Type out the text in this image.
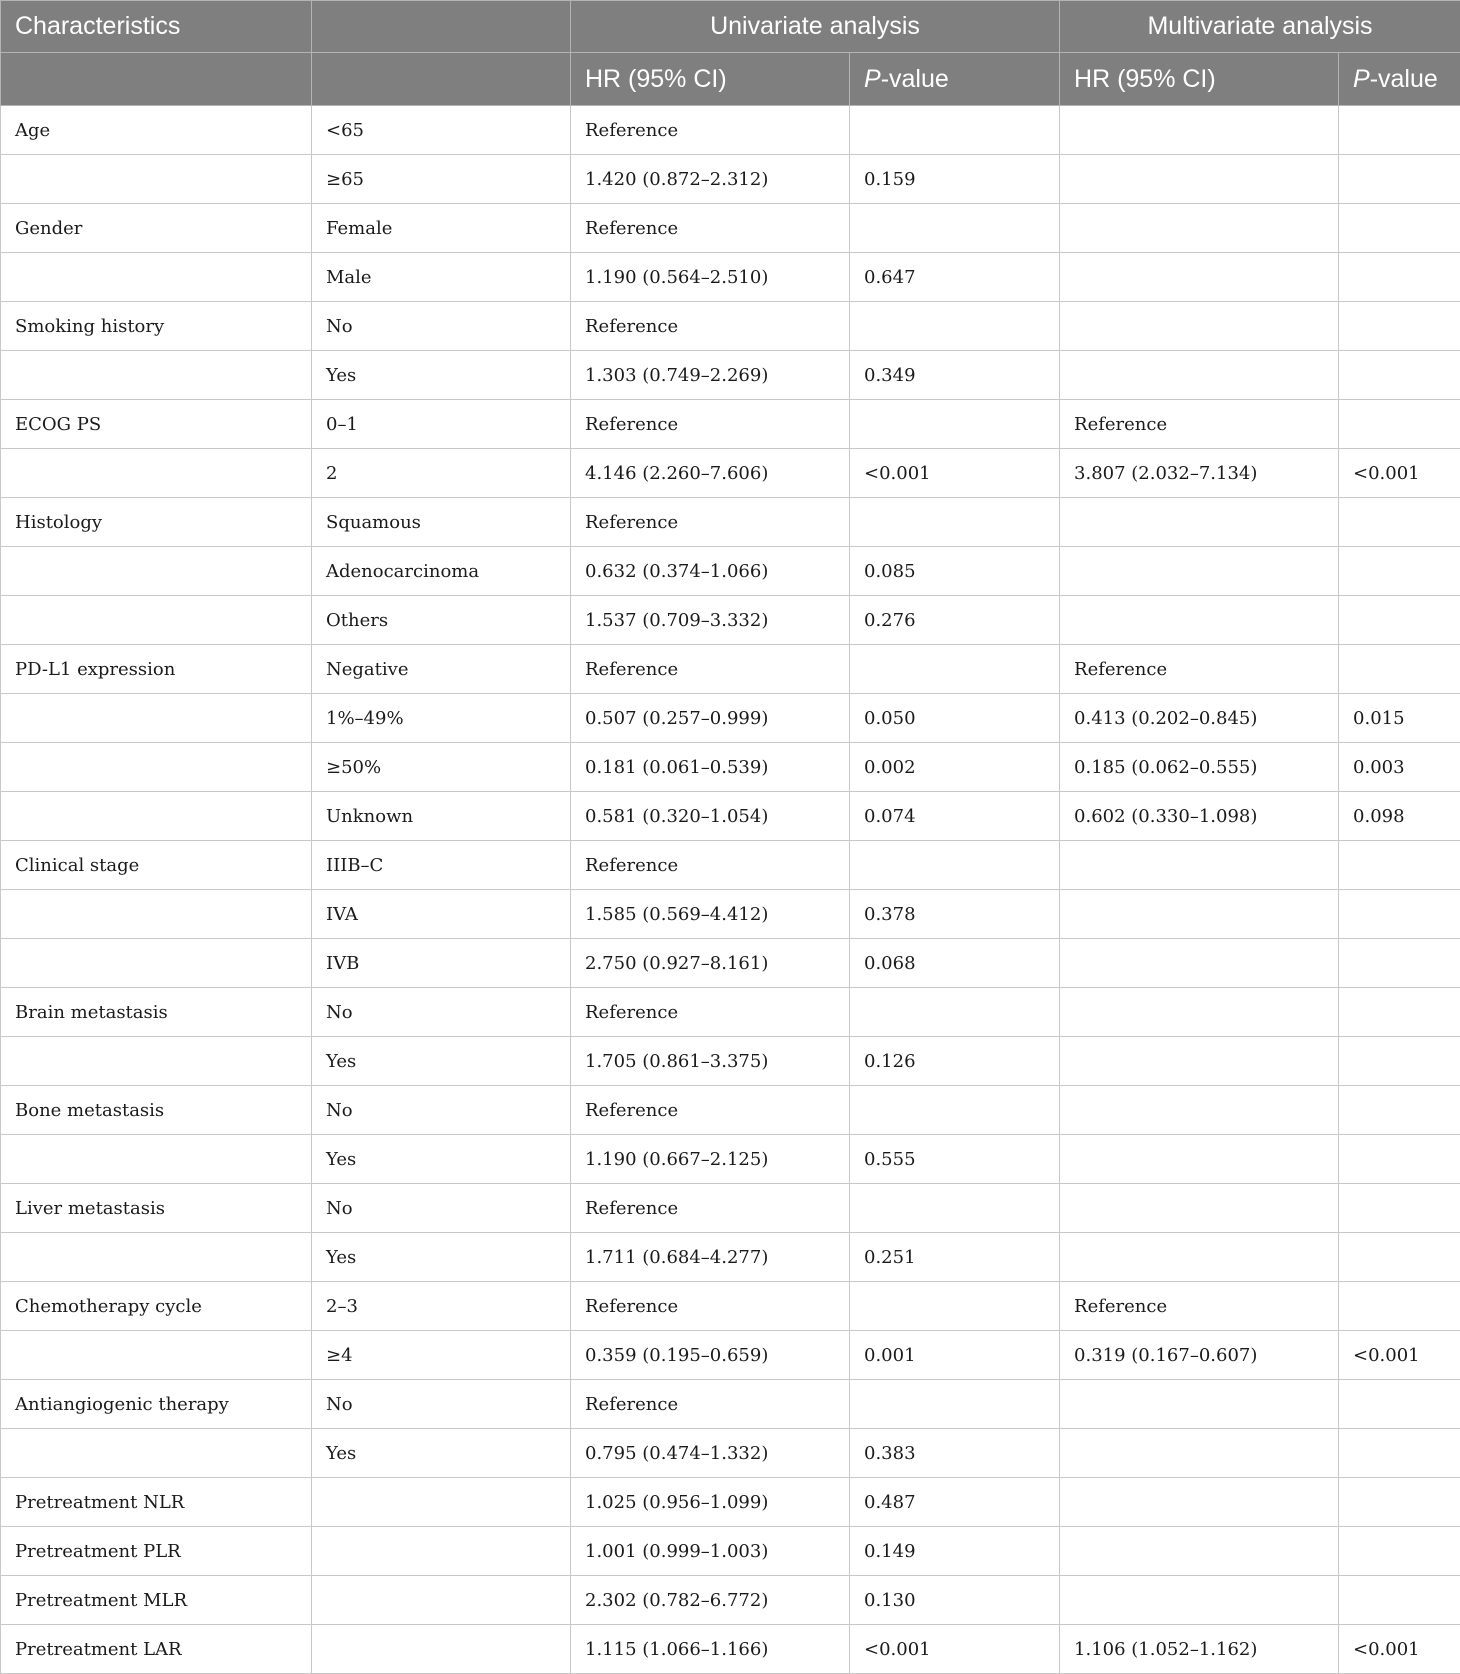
Characteristics		Univariate analysis		Multivariate analysis	
		HR (95% CI)	P-value	HR (95% CI)	P-value
Age	<65	Reference			
	≥65	1.420 (0.872–2.312)	0.159		
Gender	Female	Reference			
	Male	1.190 (0.564–2.510)	0.647		
Smoking history	No	Reference			
	Yes	1.303 (0.749–2.269)	0.349		
ECOG PS	0–1	Reference		Reference	
	2	4.146 (2.260–7.606)	<0.001	3.807 (2.032–7.134)	<0.001
Histology	Squamous	Reference			
	Adenocarcinoma	0.632 (0.374–1.066)	0.085		
	Others	1.537 (0.709–3.332)	0.276		
PD-L1 expression	Negative	Reference		Reference	
	1%–49%	0.507 (0.257–0.999)	0.050	0.413 (0.202–0.845)	0.015
	≥50%	0.181 (0.061–0.539)	0.002	0.185 (0.062–0.555)	0.003
	Unknown	0.581 (0.320–1.054)	0.074	0.602 (0.330–1.098)	0.098
Clinical stage	IIIB–C	Reference			
	IVA	1.585 (0.569–4.412)	0.378		
	IVB	2.750 (0.927–8.161)	0.068		
Brain metastasis	No	Reference			
	Yes	1.705 (0.861–3.375)	0.126		
Bone metastasis	No	Reference			
	Yes	1.190 (0.667–2.125)	0.555		
Liver metastasis	No	Reference			
	Yes	1.711 (0.684–4.277)	0.251		
Chemotherapy cycle	2–3	Reference		Reference	
	≥4	0.359 (0.195–0.659)	0.001	0.319 (0.167–0.607)	<0.001
Antiangiogenic therapy	No	Reference			
	Yes	0.795 (0.474–1.332)	0.383		
Pretreatment NLR		1.025 (0.956–1.099)	0.487		
Pretreatment PLR		1.001 (0.999–1.003)	0.149		
Pretreatment MLR		2.302 (0.782–6.772)	0.130		
Pretreatment LAR		1.115 (1.066–1.166)	<0.001	1.106 (1.052–1.162)	<0.001
